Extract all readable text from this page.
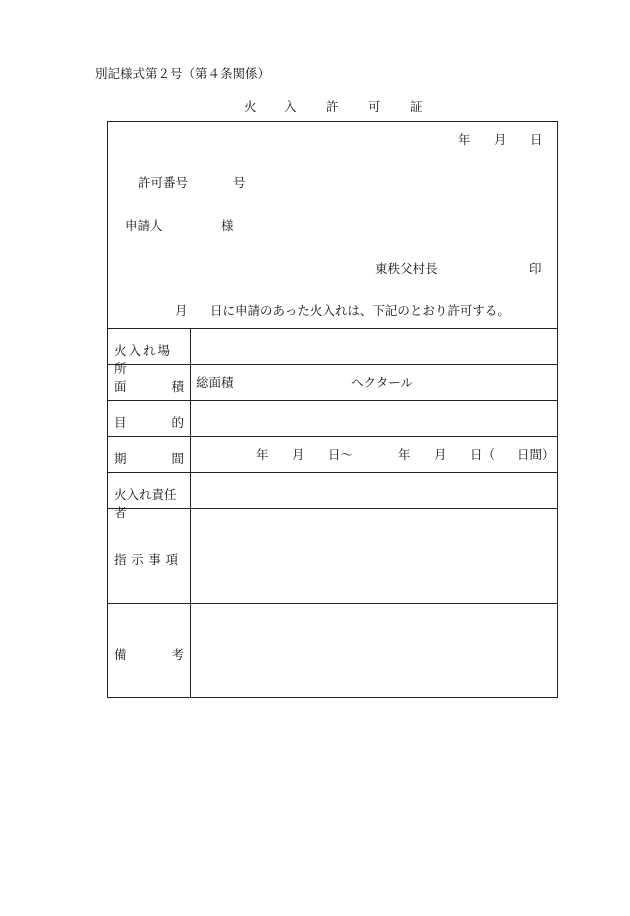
別記様式第２号（第４条関係）
火 入 許 可 証
年 月 日
許可番号	号
申請人	様
東秩父村長	印
月 日に申請のあった火入れは、下記のとおり許可する。
火入れ場所
面	積 総面積	ヘクタール
目	的
期	間	年 月 日〜	年 月 日（ 日間）
火入れ責任者
指 示 事 項
備	考
